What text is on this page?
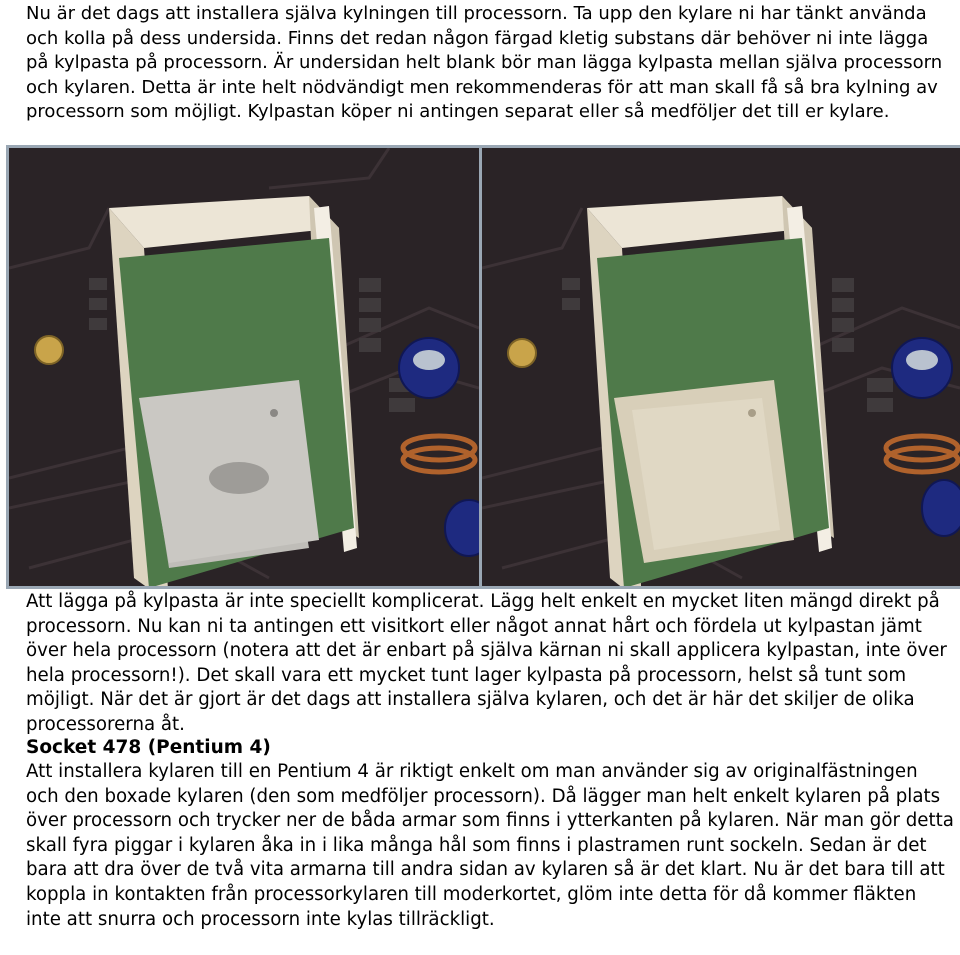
Nu är det dags att installera själva kylningen till processorn. Ta upp den kylare ni har tänkt använda och kolla på dess undersida. Finns det redan någon färgad kletig substans där behöver ni inte lägga på kylpasta på processorn. Är undersidan helt blank bör man lägga kylpasta mellan själva processorn och kylaren. Detta är inte helt nödvändigt men rekommenderas för att man skall få så bra kylning av processorn som möjligt. Kylpastan köper ni antingen separat eller så medföljer det till er kylare.
Att lägga på kylpasta är inte speciellt komplicerat. Lägg helt enkelt en mycket liten mängd direkt på processorn. Nu kan ni ta antingen ett visitkort eller något annat hårt och fördela ut kylpastan jämt över hela processorn (notera att det är enbart på själva kärnan ni skall applicera kylpastan, inte över hela processorn!). Det skall vara ett mycket tunt lager kylpasta på processorn, helst så tunt som möjligt. När det är gjort är det dags att installera själva kylaren, och det är här det skiljer de olika processorerna åt.
Socket 478 (Pentium 4)
Att installera kylaren till en Pentium 4 är riktigt enkelt om man använder sig av originalfästningen och den boxade kylaren (den som medföljer processorn). Då lägger man helt enkelt kylaren på plats över processorn och trycker ner de båda armar som finns i ytterkanten på kylaren. När man gör detta skall fyra piggar i kylaren åka in i lika många hål som finns i plastramen runt sockeln. Sedan är det bara att dra över de två vita armarna till andra sidan av kylaren så är det klart. Nu är det bara till att koppla in kontakten från processorkylaren till moderkortet, glöm inte detta för då kommer fläkten inte att snurra och processorn inte kylas tillräckligt.
